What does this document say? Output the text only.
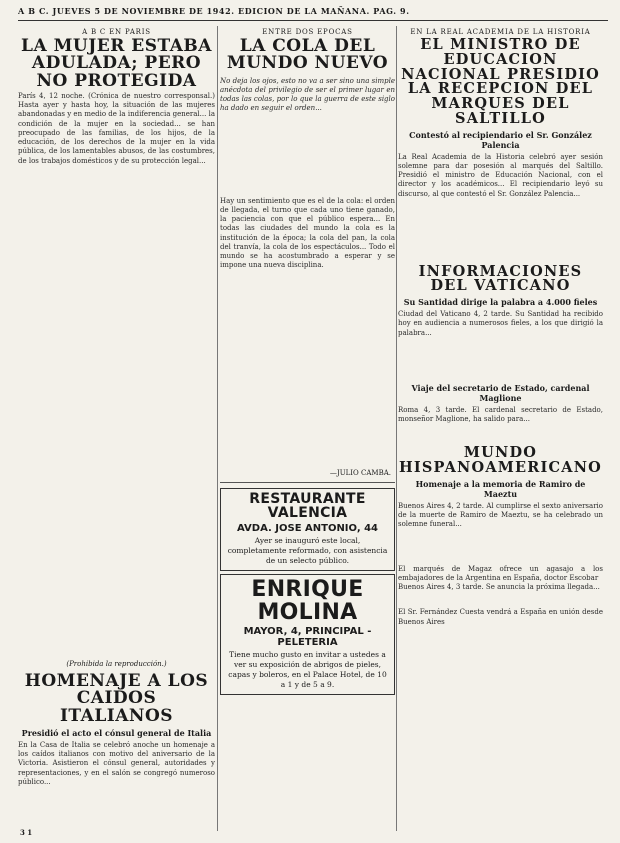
A B C. JUEVES 5 DE NOVIEMBRE DE 1942. EDICION DE LA MAÑANA. PAG. 9.
A B C EN PARIS
LA MUJER ESTABA ADULADA; PERO NO PROTEGIDA

París 4, 12 noche. (Crónica de nuestro corresponsal.) Hasta ayer y hasta hoy, la situación de las mujeres abandonadas y en medio de la indiferencia general... la condición de la mujer en la sociedad... se han preocupado de las familias, de los hijos, de la educación, de los derechos de la mujer en la vida pública, de los lamentables abusos, de las costumbres, de los trabajos domésticos y de su protección legal...

(Prohibida la reproducción.)
HOMENAJE A LOS CAIDOS ITALIANOS
Presidió el acto el cónsul general de Italia

En la Casa de Italia se celebró anoche un homenaje a los caídos italianos con motivo del aniversario de la Victoria. Asistieron el cónsul general, autoridades y representaciones, y en el salón se congregó numeroso público...

ENTRE DOS EPOCAS
LA COLA DEL MUNDO NUEVO

No deja los ojos, esto no va a ser sino una simple anécdota del privilegio de ser el primer lugar en todas las colas, por lo que la guerra de este siglo ha dado en seguir el orden...

Hay un sentimiento que es el de la cola: el orden de llegada, el turno que cada uno tiene ganado, la paciencia con que el público espera... En todas las ciudades del mundo la cola es la institución de la época; la cola del pan, la cola del tranvía, la cola de los espectáculos... Todo el mundo se ha acostumbrado a esperar y se impone una nueva disciplina.

—JULIO CAMBA.
RESTAURANTE VALENCIA
AVDA. JOSE ANTONIO, 44
Ayer se inauguró este local, completamente reformado, con asistencia de un selecto público.
ENRIQUE MOLINA
MAYOR, 4, PRINCIPAL - PELETERIA
Tiene mucho gusto en invitar a ustedes a ver su exposición de abrigos de pieles, capas y boleros, en el Palace Hotel, de 10 a 1 y de 5 a 9.
EN LA REAL ACADEMIA DE LA HISTORIA
EL MINISTRO DE EDUCACION NACIONAL PRESIDIO LA RECEPCION DEL MARQUES DEL SALTILLO
Contestó al recipiendario el Sr. González Palencia

La Real Academia de la Historia celebró ayer sesión solemne para dar posesión al marqués del Saltillo. Presidió el ministro de Educación Nacional, con el director y los académicos... El recipiendario leyó su discurso, al que contestó el Sr. González Palencia...

INFORMACIONES DEL VATICANO
Su Santidad dirige la palabra a 4.000 fieles

Ciudad del Vaticano 4, 2 tarde. Su Santidad ha recibido hoy en audiencia a numerosos fieles, a los que dirigió la palabra...

Viaje del secretario de Estado, cardenal Maglione

Roma 4, 3 tarde. El cardenal secretario de Estado, monseñor Maglione, ha salido para...

MUNDO HISPANOAMERICANO
Homenaje a la memoria de Ramiro de Maeztu

Buenos Aires 4, 2 tarde. Al cumplirse el sexto aniversario de la muerte de Ramiro de Maeztu, se ha celebrado un solemne funeral...

El marqués de Magaz ofrece un agasajo a los embajadores de la Argentina en España, doctor Escobar

Buenos Aires 4, 3 tarde. Se anuncia la próxima llegada...

El Sr. Fernández Cuesta vendrá a España en unión desde Buenos Aires
3 1
